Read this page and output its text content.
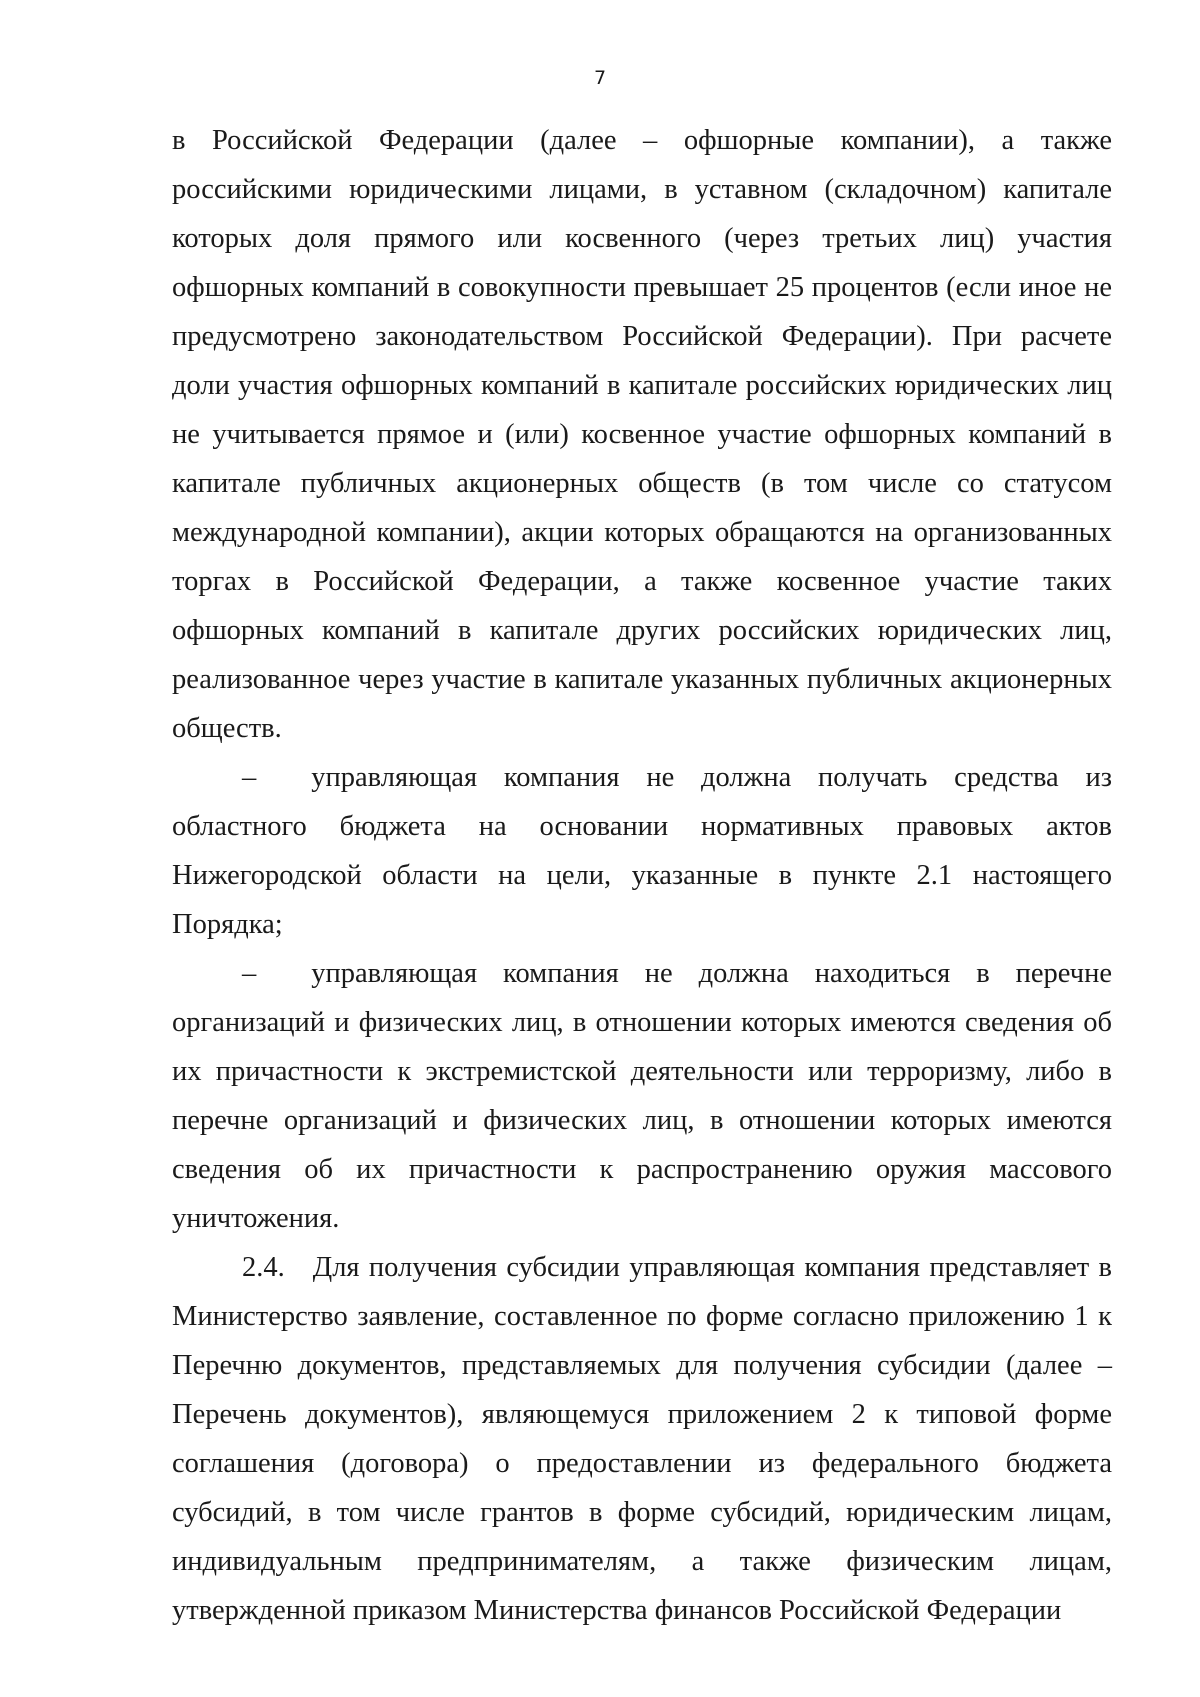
7

в Российской Федерации (далее – офшорные компании), а также российскими юридическими лицами, в уставном (складочном) капитале которых доля прямого или косвенного (через третьих лиц) участия офшорных компаний в совокупности превышает 25 процентов (если иное не предусмотрено законодательством Российской Федерации). При расчете доли участия офшорных компаний в капитале российских юридических лиц не учитывается прямое и (или) косвенное участие офшорных компаний в капитале публичных акционерных обществ (в том числе со статусом международной компании), акции которых обращаются на организованных торгах в Российской Федерации, а также косвенное участие таких офшорных компаний в капитале других российских юридических лиц, реализованное через участие в капитале указанных публичных акционерных обществ.

– управляющая компания не должна получать средства из областного бюджета на основании нормативных правовых актов Нижегородской области на цели, указанные в пункте 2.1 настоящего Порядка;

– управляющая компания не должна находиться в перечне организаций и физических лиц, в отношении которых имеются сведения об их причастности к экстремистской деятельности или терроризму, либо в перечне организаций и физических лиц, в отношении которых имеются сведения об их причастности к распространению оружия массового уничтожения.

2.4. Для получения субсидии управляющая компания представляет в Министерство заявление, составленное по форме согласно приложению 1 к Перечню документов, представляемых для получения субсидии (далее – Перечень документов), являющемуся приложением 2 к типовой форме соглашения (договора) о предоставлении из федерального бюджета субсидий, в том числе грантов в форме субсидий, юридическим лицам, индивидуальным предпринимателям, а также физическим лицам, утвержденной приказом Министерства финансов Российской Федерации
